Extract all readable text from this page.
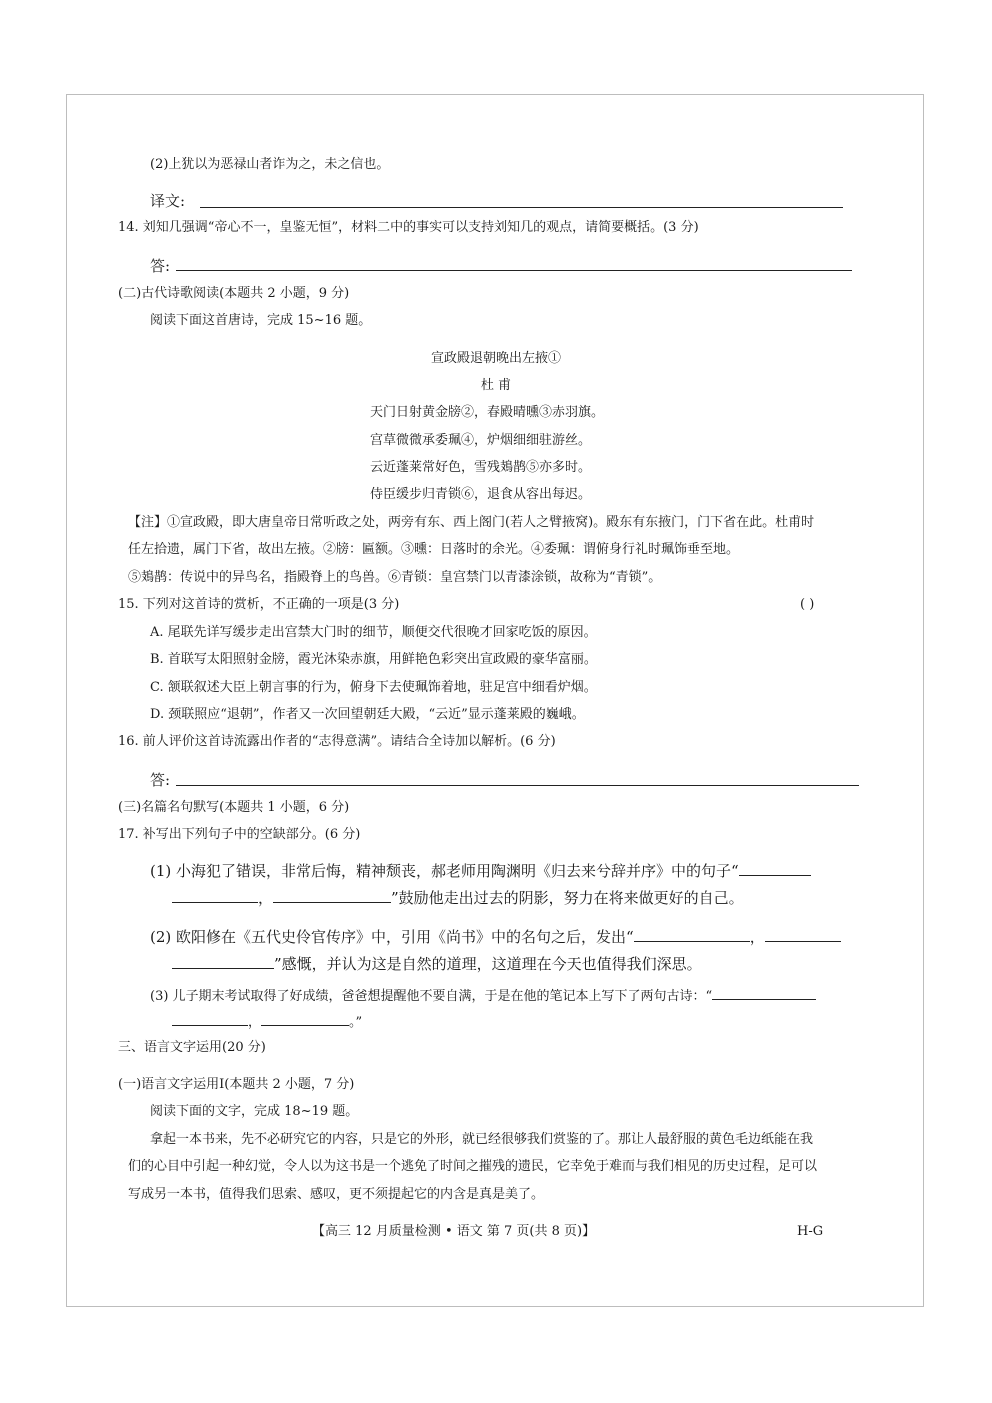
(2)上犹以为恶禄山者诈为之，未之信也。
译文:
14. 刘知几强调“帝心不一，皇鉴无恒”，材料二中的事实可以支持刘知几的观点，请简要概括。(3 分)
答:
(二)古代诗歌阅读(本题共 2 小题，9 分)
阅读下面这首唐诗，完成 15~16 题。
宣政殿退朝晚出左掖①
杜 甫
天门日射黄金牓②，春殿晴曛③赤羽旗。
宫草微微承委珮④，炉烟细细驻游丝。
云近蓬莱常好色，雪残鳷鹊⑤亦多时。
侍臣缓步归青锁⑥，退食从容出每迟。
【注】①宣政殿，即大唐皇帝日常听政之处，两旁有东、西上阁门(若人之臂掖窝)。殿东有东掖门，门下省在此。杜甫时
任左拾遗，属门下省，故出左掖。②牓：匾额。③曛：日落时的余光。④委珮：谓俯身行礼时珮饰垂至地。
⑤鳷鹊：传说中的异鸟名，指殿脊上的鸟兽。⑥青锁：皇宫禁门以青漆涂锁，故称为“青锁”。
15. 下列对这首诗的赏析，不正确的一项是(3 分)	( )
A. 尾联先详写缓步走出宫禁大门时的细节，顺便交代很晚才回家吃饭的原因。
B. 首联写太阳照射金牓，霞光沐染赤旗，用鲜艳色彩突出宣政殿的豪华富丽。
C. 颔联叙述大臣上朝言事的行为，俯身下去使珮饰着地，驻足宫中细看炉烟。
D. 颈联照应“退朝”，作者又一次回望朝廷大殿，“云近”显示蓬莱殿的巍峨。
16. 前人评价这首诗流露出作者的“志得意满”。请结合全诗加以解析。(6 分)
答:
(三)名篇名句默写(本题共 1 小题，6 分)
17. 补写出下列句子中的空缺部分。(6 分)
(1) 小海犯了错误，非常后悔，精神颓丧，郝老师用陶渊明《归去来兮辞并序》中的句子“
，	”鼓励他走出过去的阴影，努力在将来做更好的自己。
(2) 欧阳修在《五代史伶官传序》中，引用《尚书》中的名句之后，发出“	，
”感慨，并认为这是自然的道理，这道理在今天也值得我们深思。
(3) 儿子期末考试取得了好成绩，爸爸想提醒他不要自满，于是在他的笔记本上写下了两句古诗：“
，	。”
三、语言文字运用(20 分)
(一)语言文字运用Ⅰ(本题共 2 小题，7 分)
阅读下面的文字，完成 18~19 题。
拿起一本书来，先不必研究它的内容，只是它的外形，就已经很够我们赏鉴的了。那让人最舒服的黄色毛边纸能在我
们的心目中引起一种幻觉，令人以为这书是一个逃免了时间之摧残的遗民，它幸免于难而与我们相见的历史过程，足可以
写成另一本书，值得我们思索、感叹，更不须提起它的内含是真是美了。
【高三 12 月质量检测 • 语文 第 7 页(共 8 页)】	H-G
